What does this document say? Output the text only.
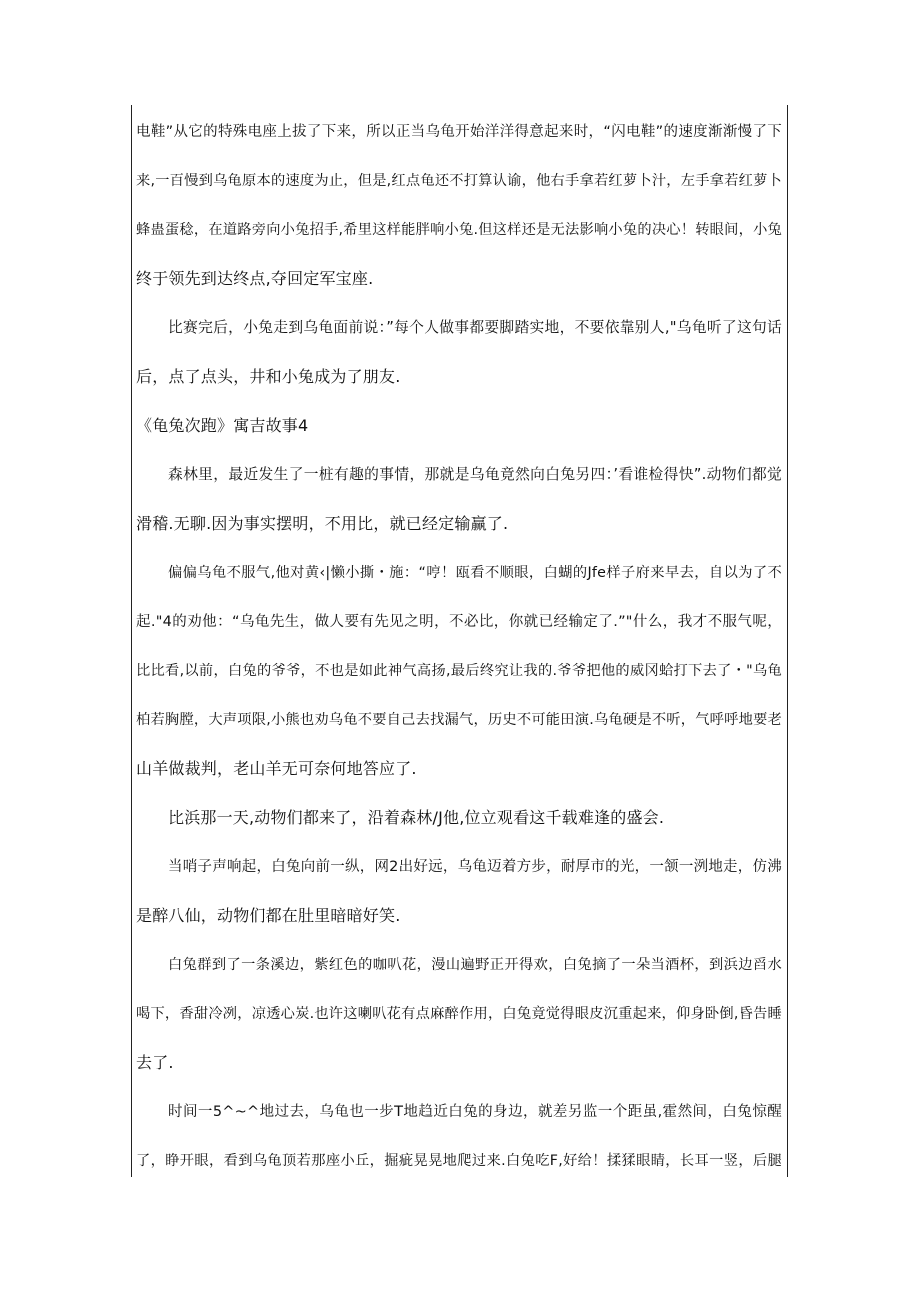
电鞋”从它的特殊电座上拔了下来，所以正当乌龟开始洋洋得意起来时，“闪电鞋”的速度渐渐慢了下
来,一百慢到乌龟原本的速度为止，但是,红点龟还不打算认谕，他右手拿若红萝卜汁，左手拿若红萝卜
蜂蛊蛋稔，在道路旁向小兔招手,希里这样能胖响小兔.但这样还是无法影响小兔的决心！转眼间，小兔
终于领先到达终点,夺回定军宝座.
比赛完后，小兔走到乌龟面前说：”每个人做事都要脚踏实地，不要依靠别人,"乌龟听了这句话
后，点了点头，井和小兔成为了朋友.
《龟兔次跑》寓吉故事4
森林里，最近发生了一桩有趣的事情，那就是乌龟竟然向白兔另四：’看谁检得快”.动物们都觉
滑稽.无聊.因为事实摆明，不用比，就已经定输赢了.
偏偏乌龟不服气,他对黄‹|懒小撕・施：“哼！瓯看不顺眼，白蝴的Jfe样子府来早去，自以为了不
起."4的劝他：“乌龟先生，做人要有先见之明，不必比，你就已经输定了.”"什么，我才不服气呢，
比比看,以前，白兔的爷爷，不也是如此神气高扬,最后终究让我的.爷爷把他的威冈蛤打下去了・"乌龟
柏若胸膛，大声项限,小熊也劝乌龟不要自己去找漏气，历史不可能田演.乌龟硬是不听，气呼呼地要老
山羊做裁判，老山羊无可奈何地答应了.
比浜那一天,动物们都来了，沿着森林/J他,位立观看这千载难逢的盛会.
当哨子声响起，白兔向前一纵，网2出好远，乌龟迈着方步，耐厚市的光，一颔一洌地走，仿沸
是醉八仙，动物们都在肚里暗暗好笑.
白兔群到了一条溪边，紫红色的咖叭花，漫山遍野正开得欢，白兔摘了一朵当酒杯，到浜边舀水
喝下，香甜冷冽，凉透心炭.也许这喇叭花有点麻醉作用，白兔竟觉得眼皮沉重起来，仰身卧倒,昏告睡
去了.
时间一5^~^地过去，乌龟也一步T地趋近白兔的身边，就差另监一个距虽,霍然间，白兔惊醒
了，睁开眼，看到乌龟顶若那座小丘，掘疵晃晃地爬过来.白兔吃F,好给！揉猱眼睛，长耳一竖，后腿
